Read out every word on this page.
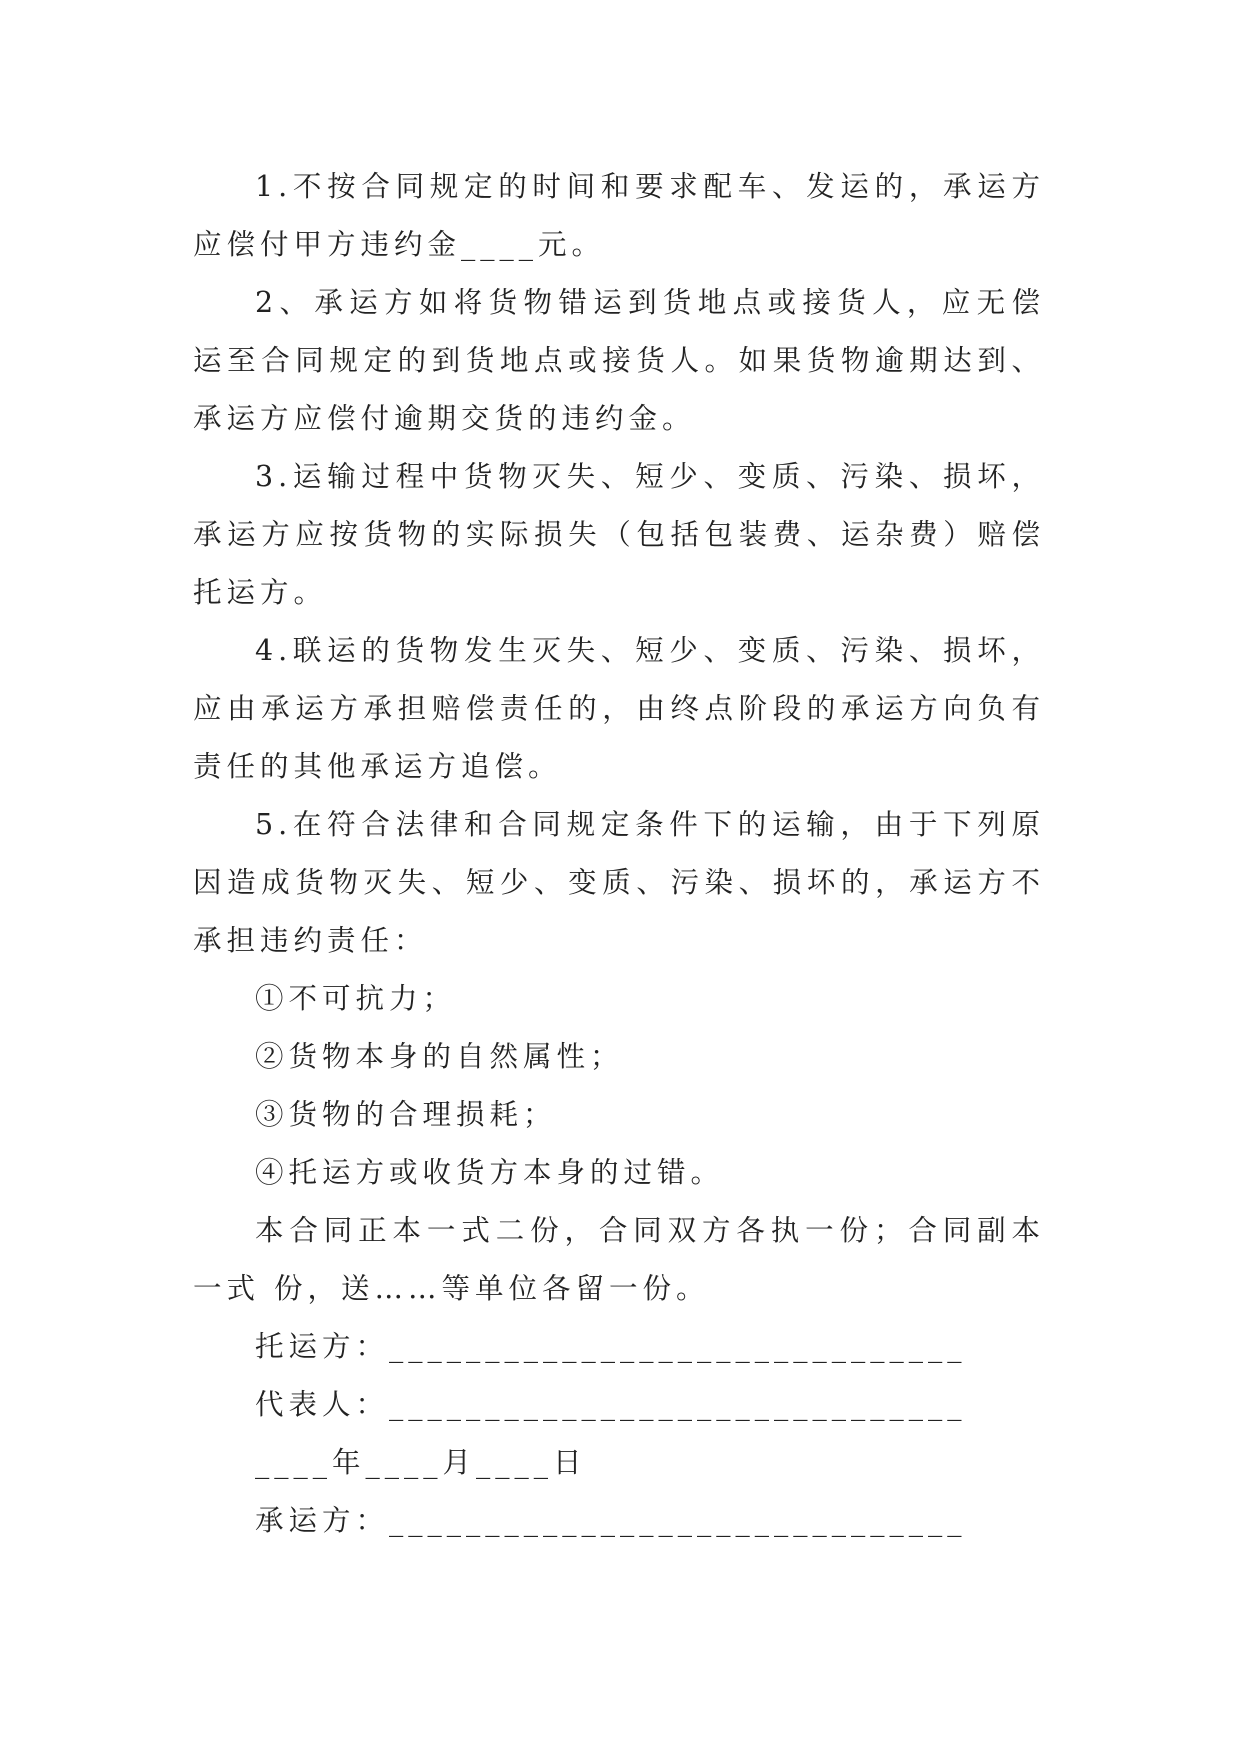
1.不按合同规定的时间和要求配车、发运的，承运方应偿付甲方违约金____元。

2、承运方如将货物错运到货地点或接货人，应无偿运至合同规定的到货地点或接货人。如果货物逾期达到、承运方应偿付逾期交货的违约金。

3.运输过程中货物灭失、短少、变质、污染、损坏，承运方应按货物的实际损失（包括包装费、运杂费）赔偿托运方。

4.联运的货物发生灭失、短少、变质、污染、损坏，应由承运方承担赔偿责任的，由终点阶段的承运方向负有责任的其他承运方追偿。

5.在符合法律和合同规定条件下的运输，由于下列原因造成货物灭失、短少、变质、污染、损坏的，承运方不承担违约责任：

①不可抗力；

②货物本身的自然属性；

③货物的合理损耗；

④托运方或收货方本身的过错。

本合同正本一式二份，合同双方各执一份；合同副本一式 份，送……等单位各留一份。

托运方：______________________________

代表人：______________________________

____年____月____日

承运方：______________________________
